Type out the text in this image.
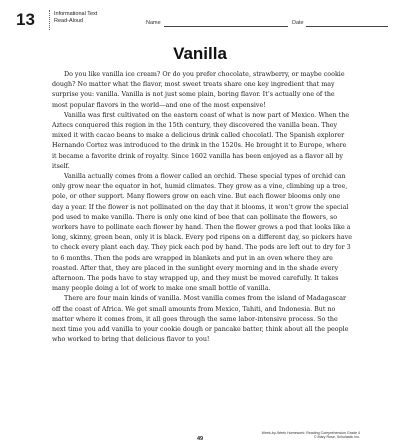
13	Informational Text
Read-Aloud	Name	Date
Vanilla

Do you like vanilla ice cream? Or do you prefer chocolate, strawberry, or maybe cookie dough? No matter what the flavor, most sweet treats share one key ingredient that may surprise you: vanilla. Vanilla is not just some plain, boring flavor. It’s actually one of the most popular flavors in the world—and one of the most expensive!

Vanilla was first cultivated on the eastern coast of what is now part of Mexico. When the Aztecs conquered this region in the 15th century, they discovered the vanilla bean. They mixed it with cacao beans to make a delicious drink called chocolatl. The Spanish explorer Hernando Cortez was introduced to the drink in the 1520s. He brought it to Europe, where it became a favorite drink of royalty. Since 1602 vanilla has been enjoyed as a flavor all by itself.

Vanilla actually comes from a flower called an orchid. These special types of orchid can only grow near the equator in hot, humid climates. They grow as a vine, climbing up a tree, pole, or other support. Many flowers grow on each vine. But each flower blooms only one day a year. If the flower is not pollinated on the day that it blooms, it won’t grow the special pod used to make vanilla. There is only one kind of bee that can pollinate the flowers, so workers have to pollinate each flower by hand. Then the flower grows a pod that looks like a long, skinny, green bean, only it is black. Every pod ripens on a different day, so pickers have to check every plant each day. They pick each pod by hand. The pods are left out to dry for 3 to 6 months. Then the pods are wrapped in blankets and put in an oven where they are roasted. After that, they are placed in the sunlight every morning and in the shade every afternoon. The pods have to stay wrapped up, and they must be moved carefully. It takes many people doing a lot of work to make one small bottle of vanilla.

There are four main kinds of vanilla. Most vanilla comes from the island of Madagascar off the coast of Africa. We get small amounts from Mexico, Tahiti, and Indonesia. But no matter where it comes from, it all goes through the same labor-intensive process. So the next time you add vanilla to your cookie dough or pancake batter, think about all the people who worked to bring that delicious flavor to you!

Week-by-Week Homework: Reading Comprehension Grade 4
© Mary Rose, Scholastic Inc.
49
